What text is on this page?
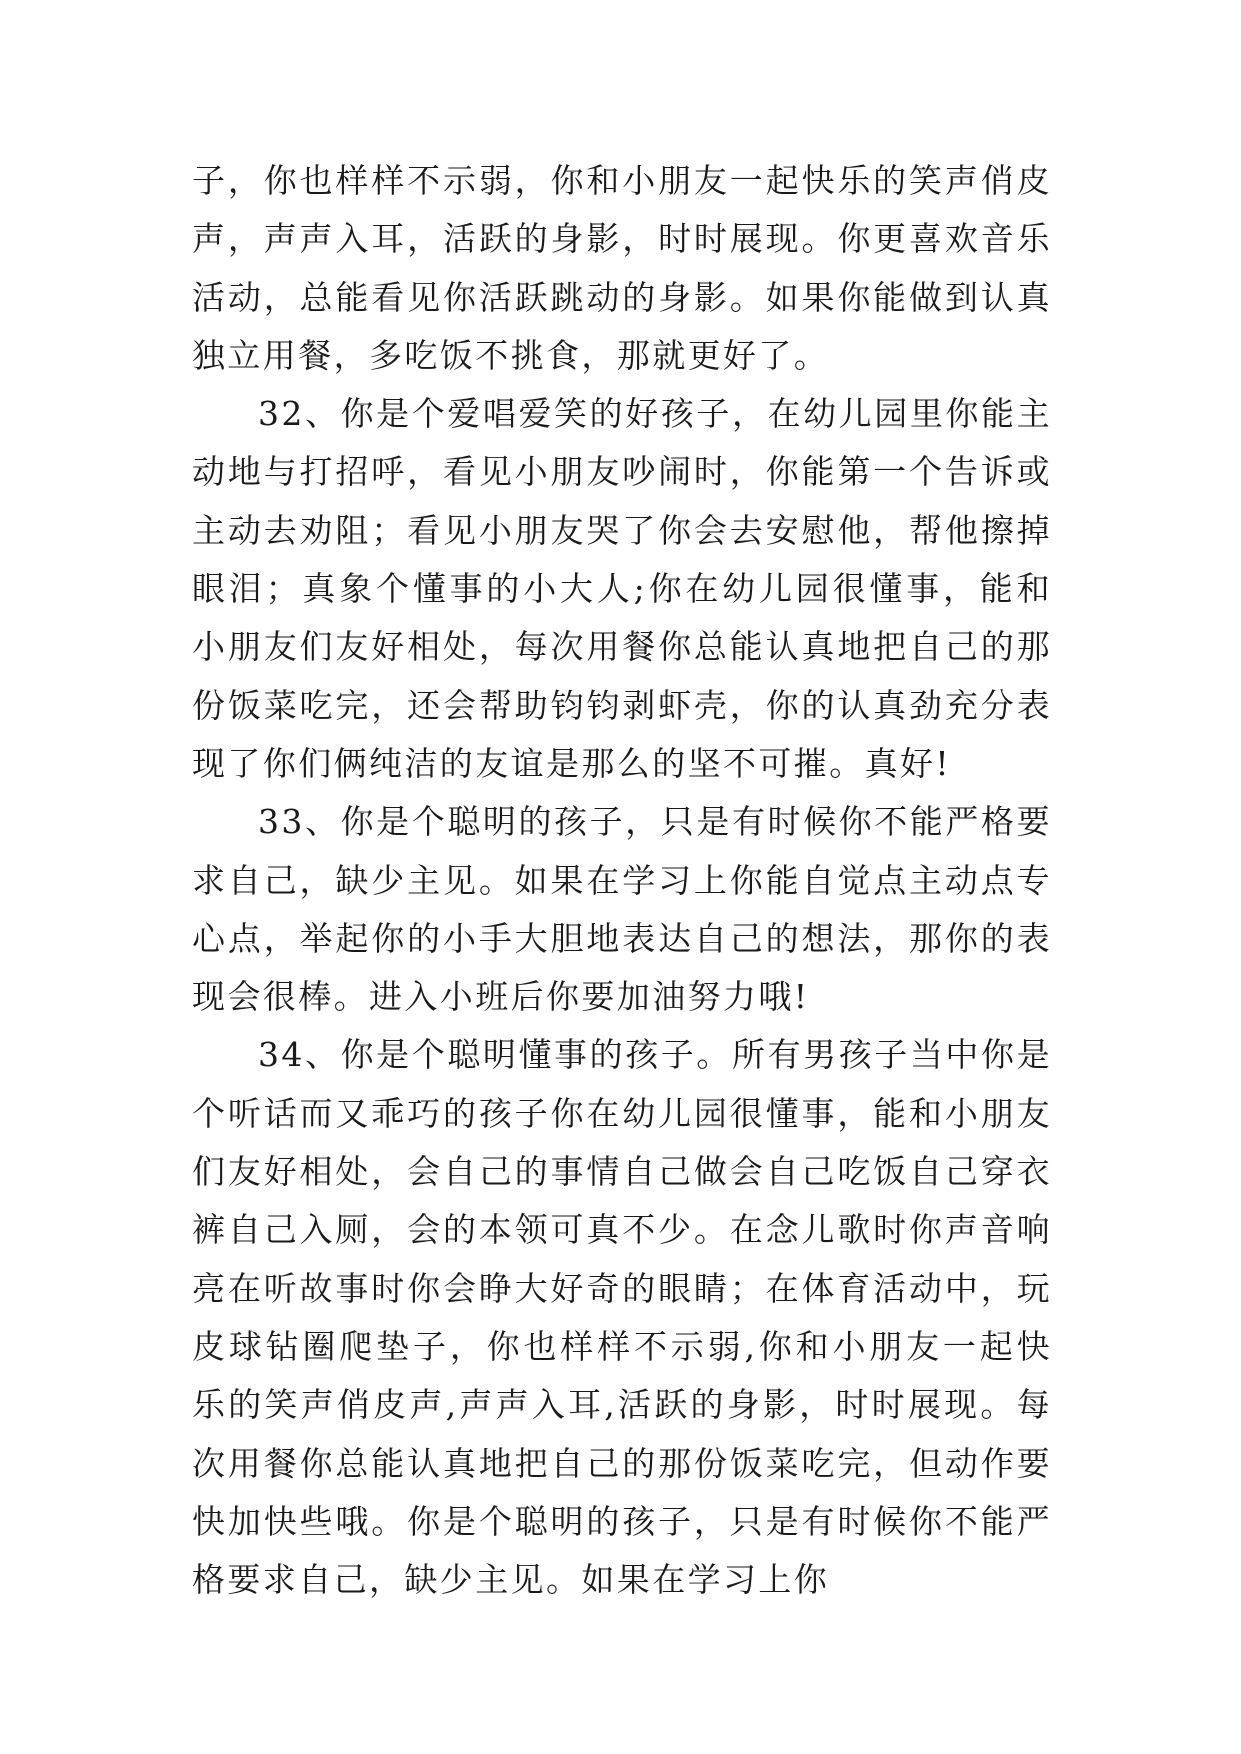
子，你也样样不示弱，你和小朋友一起快乐的笑声俏皮声，声声入耳，活跃的身影，时时展现。你更喜欢音乐活动，总能看见你活跃跳动的身影。如果你能做到认真独立用餐，多吃饭不挑食，那就更好了。

32、你是个爱唱爱笑的好孩子，在幼儿园里你能主动地与打招呼，看见小朋友吵闹时，你能第一个告诉或主动去劝阻；看见小朋友哭了你会去安慰他，帮他擦掉眼泪；真象个懂事的小大人;你在幼儿园很懂事，能和小朋友们友好相处，每次用餐你总能认真地把自己的那份饭菜吃完，还会帮助钧钧剥虾壳，你的认真劲充分表现了你们俩纯洁的友谊是那么的坚不可摧。真好!

33、你是个聪明的孩子，只是有时候你不能严格要求自己，缺少主见。如果在学习上你能自觉点主动点专心点，举起你的小手大胆地表达自己的想法，那你的表现会很棒。进入小班后你要加油努力哦!

34、你是个聪明懂事的孩子。所有男孩子当中你是个听话而又乖巧的孩子你在幼儿园很懂事，能和小朋友们友好相处，会自己的事情自己做会自己吃饭自己穿衣裤自己入厕，会的本领可真不少。在念儿歌时你声音响亮在听故事时你会睁大好奇的眼睛；在体育活动中，玩皮球钻圈爬垫子，你也样样不示弱,你和小朋友一起快乐的笑声俏皮声,声声入耳,活跃的身影，时时展现。每次用餐你总能认真地把自己的那份饭菜吃完，但动作要快加快些哦。你是个聪明的孩子，只是有时候你不能严格要求自己，缺少主见。如果在学习上你
